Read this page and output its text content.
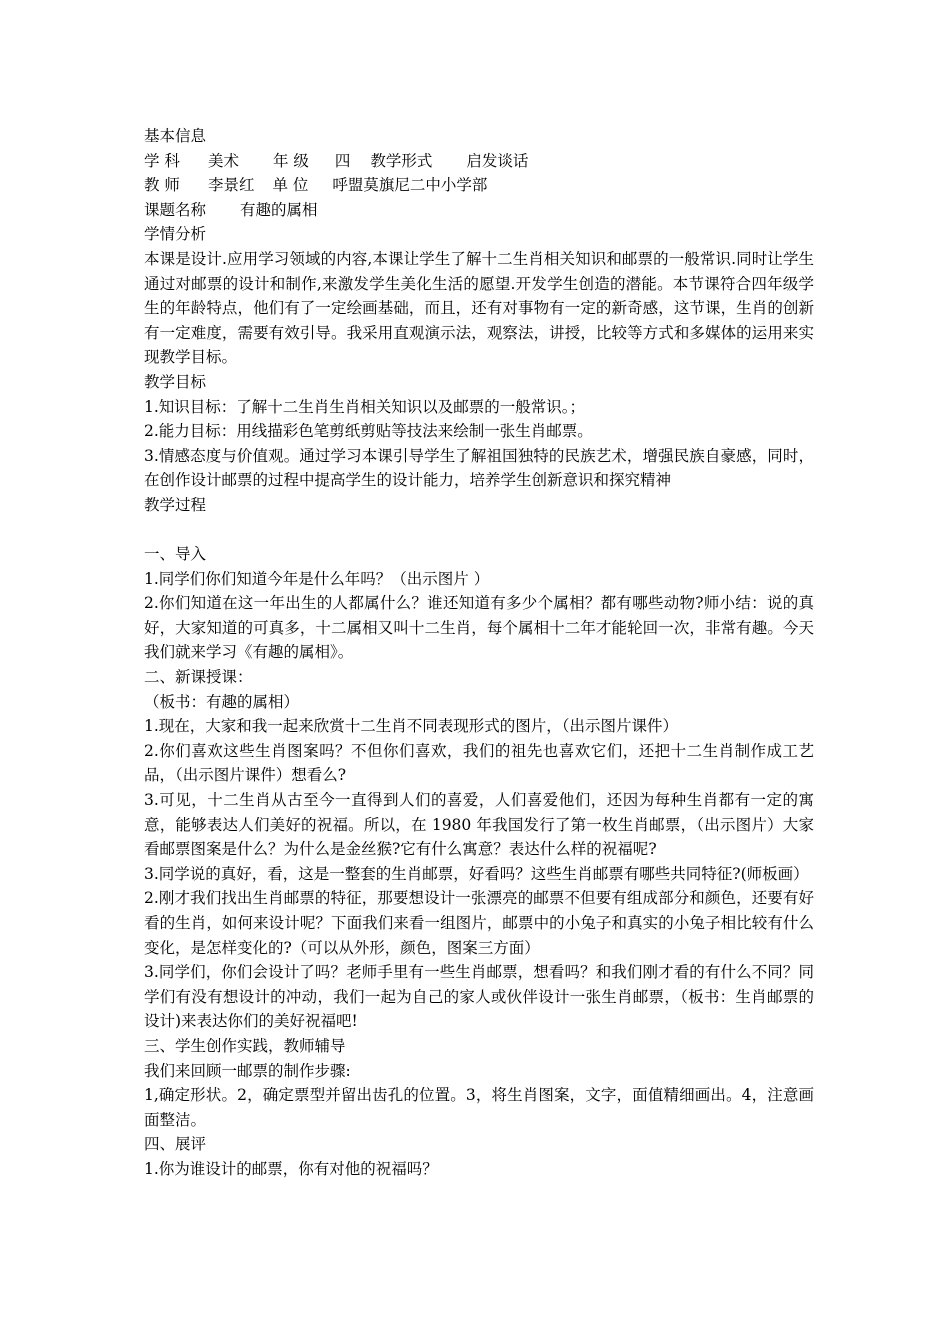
基本信息
学 科 美术 年 级 四 教学形式 启发谈话
教 师 李景红 单 位 呼盟莫旗尼二中小学部
课题名称 有趣的属相
学情分析
本课是设计.应用学习领域的内容,本课让学生了解十二生肖相关知识和邮票的一般常识.同时让学生通过对邮票的设计和制作,来激发学生美化生活的愿望.开发学生创造的潜能。本节课符合四年级学生的年龄特点，他们有了一定绘画基础，而且，还有对事物有一定的新奇感，这节课，生肖的创新有一定难度，需要有效引导。我采用直观演示法，观察法，讲授，比较等方式和多媒体的运用来实现教学目标。
教学目标
1.知识目标：了解十二生肖生肖相关知识以及邮票的一般常识。；
2.能力目标：用线描彩色笔剪纸剪贴等技法来绘制一张生肖邮票。
3.情感态度与价值观。通过学习本课引导学生了解祖国独特的民族艺术，增强民族自豪感，同时，在创作设计邮票的过程中提高学生的设计能力，培养学生创新意识和探究精神
教学过程
一、导入
1.同学们你们知道今年是什么年吗？（出示图片 ）
2.你们知道在这一年出生的人都属什么？谁还知道有多少个属相？都有哪些动物?师小结：说的真好，大家知道的可真多，十二属相又叫十二生肖，每个属相十二年才能轮回一次，非常有趣。今天我们就来学习《有趣的属相》。
二、新课授课：
（板书：有趣的属相）
1.现在，大家和我一起来欣赏十二生肖不同表现形式的图片，（出示图片课件）
2.你们喜欢这些生肖图案吗？不但你们喜欢，我们的祖先也喜欢它们，还把十二生肖制作成工艺品，（出示图片课件）想看么?
3.可见，十二生肖从古至今一直得到人们的喜爱，人们喜爱他们，还因为每种生肖都有一定的寓意，能够表达人们美好的祝福。所以，在 1980 年我国发行了第一枚生肖邮票，（出示图片）大家看邮票图案是什么？为什么是金丝猴?它有什么寓意？表达什么样的祝福呢?
3.同学说的真好，看，这是一整套的生肖邮票，好看吗？这些生肖邮票有哪些共同特征?(师板画）
2.刚才我们找出生肖邮票的特征，那要想设计一张漂亮的邮票不但要有组成部分和颜色，还要有好看的生肖，如何来设计呢？下面我们来看一组图片，邮票中的小兔子和真实的小兔子相比较有什么变化，是怎样变化的?（可以从外形，颜色，图案三方面）
3.同学们，你们会设计了吗？老师手里有一些生肖邮票，想看吗？和我们刚才看的有什么不同？同学们有没有想设计的冲动，我们一起为自己的家人或伙伴设计一张生肖邮票，（板书：生肖邮票的设计)来表达你们的美好祝福吧!
三、学生创作实践，教师辅导
我们来回顾一邮票的制作步骤:
1,确定形状。2，确定票型并留出齿孔的位置。3，将生肖图案，文字，面值精细画出。4，注意画面整洁。
四、展评
1.你为谁设计的邮票，你有对他的祝福吗？
